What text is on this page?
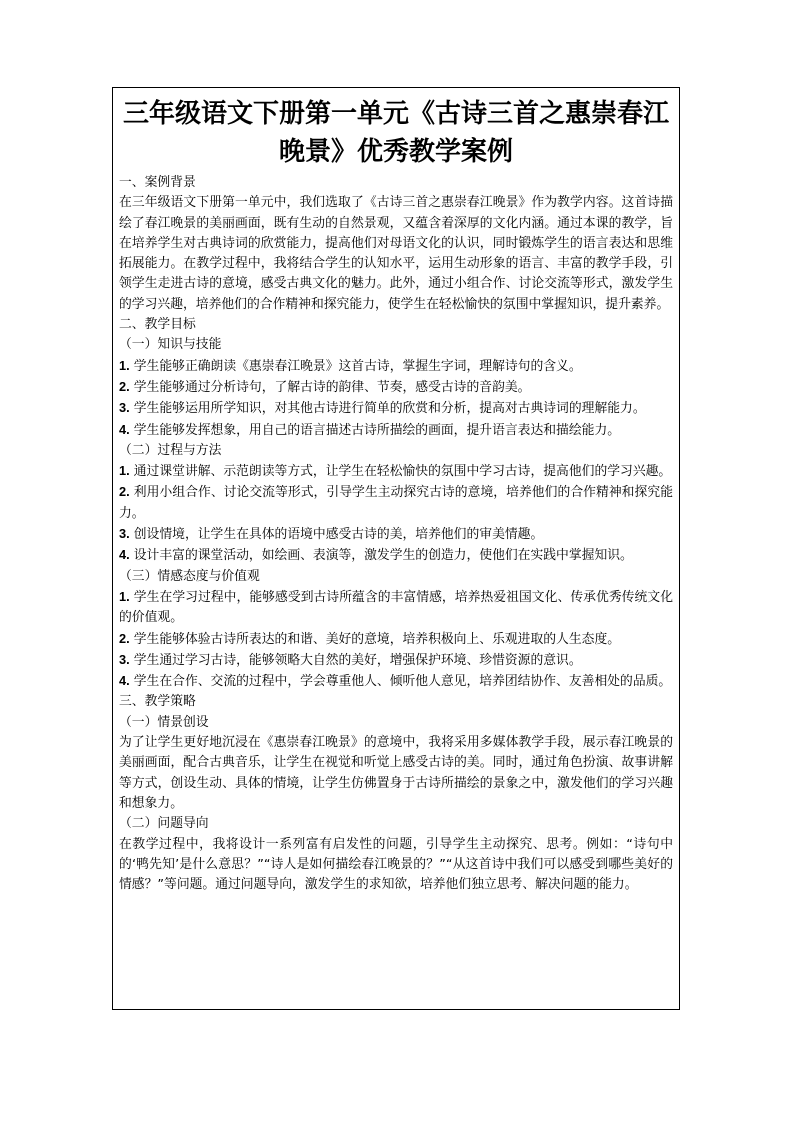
三年级语文下册第一单元《古诗三首之惠崇春江晚景》优秀教学案例

一、案例背景

在三年级语文下册第一单元中，我们选取了《古诗三首之惠崇春江晚景》作为教学内容。这首诗描绘了春江晚景的美丽画面，既有生动的自然景观，又蕴含着深厚的文化内涵。通过本课的教学，旨在培养学生对古典诗词的欣赏能力，提高他们对母语文化的认识，同时锻炼学生的语言表达和思维拓展能力。在教学过程中，我将结合学生的认知水平，运用生动形象的语言、丰富的教学手段，引领学生走进古诗的意境，感受古典文化的魅力。此外，通过小组合作、讨论交流等形式，激发学生的学习兴趣，培养他们的合作精神和探究能力，使学生在轻松愉快的氛围中掌握知识，提升素养。

二、教学目标

（一）知识与技能

1. 学生能够正确朗读《惠崇春江晚景》这首古诗，掌握生字词，理解诗句的含义。

2. 学生能够通过分析诗句，了解古诗的韵律、节奏，感受古诗的音韵美。

3. 学生能够运用所学知识，对其他古诗进行简单的欣赏和分析，提高对古典诗词的理解能力。

4. 学生能够发挥想象，用自己的语言描述古诗所描绘的画面，提升语言表达和描绘能力。

（二）过程与方法

1. 通过课堂讲解、示范朗读等方式，让学生在轻松愉快的氛围中学习古诗，提高他们的学习兴趣。

2. 利用小组合作、讨论交流等形式，引导学生主动探究古诗的意境，培养他们的合作精神和探究能力。

3. 创设情境，让学生在具体的语境中感受古诗的美，培养他们的审美情趣。

4. 设计丰富的课堂活动，如绘画、表演等，激发学生的创造力，使他们在实践中掌握知识。

（三）情感态度与价值观

1. 学生在学习过程中，能够感受到古诗所蕴含的丰富情感，培养热爱祖国文化、传承优秀传统文化的价值观。

2. 学生能够体验古诗所表达的和谐、美好的意境，培养积极向上、乐观进取的人生态度。

3. 学生通过学习古诗，能够领略大自然的美好，增强保护环境、珍惜资源的意识。

4. 学生在合作、交流的过程中，学会尊重他人、倾听他人意见，培养团结协作、友善相处的品质。

三、教学策略

（一）情景创设

为了让学生更好地沉浸在《惠崇春江晚景》的意境中，我将采用多媒体教学手段，展示春江晚景的美丽画面，配合古典音乐，让学生在视觉和听觉上感受古诗的美。同时，通过角色扮演、故事讲解等方式，创设生动、具体的情境，让学生仿佛置身于古诗所描绘的景象之中，激发他们的学习兴趣和想象力。

（二）问题导向

在教学过程中，我将设计一系列富有启发性的问题，引导学生主动探究、思考。例如：“诗句中的‘鸭先知’是什么意思？”“诗人是如何描绘春江晚景的？”“从这首诗中我们可以感受到哪些美好的情感？”等问题。通过问题导向，激发学生的求知欲，培养他们独立思考、解决问题的能力。
